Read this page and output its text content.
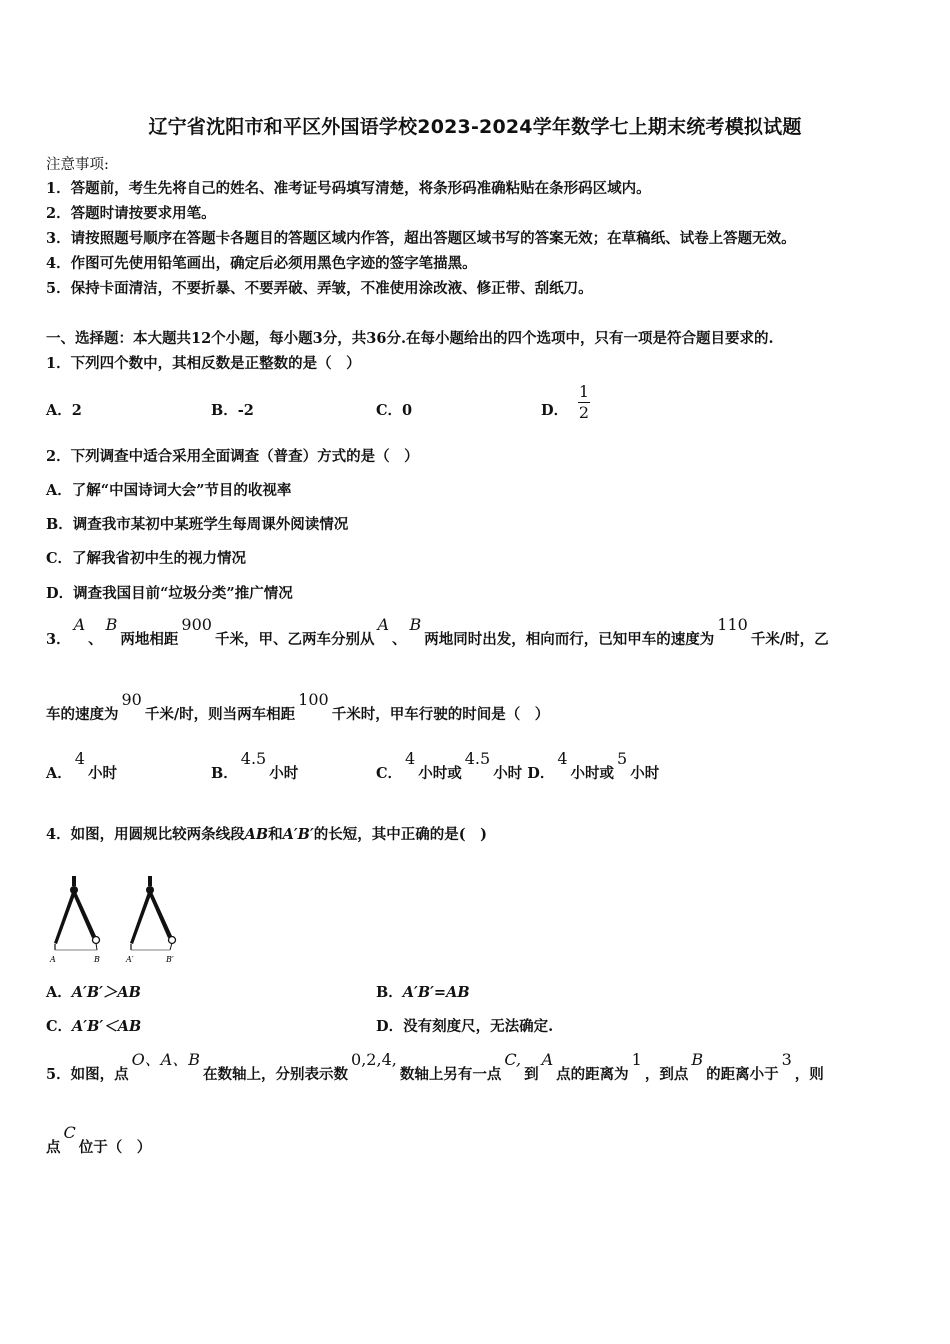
辽宁省沈阳市和平区外国语学校2023-2024学年数学七上期末统考模拟试题
注意事项:
1．答题前，考生先将自己的姓名、准考证号码填写清楚，将条形码准确粘贴在条形码区域内。
2．答题时请按要求用笔。
3．请按照题号顺序在答题卡各题目的答题区域内作答，超出答题区域书写的答案无效；在草稿纸、试卷上答题无效。
4．作图可先使用铅笔画出，确定后必须用黑色字迹的签字笔描黑。
5．保持卡面清洁，不要折暴、不要弄破、弄皱，不准使用涂改液、修正带、刮纸刀。
一、选择题：本大题共12个小题，每小题3分，共36分.在每小题给出的四个选项中，只有一项是符合题目要求的.
1．下列四个数中，其相反数是正整数的是（　）
A．2	B．-2	C．0	D．
1
2
2．下列调查中适合采用全面调查（普查）方式的是（　）
A．了解“中国诗词大会”节目的收视率
B．调查我市某初中某班学生每周课外阅读情况
C．了解我省初中生的视力情况
D．调查我国目前“垃圾分类”推广情况
3．A、B两地相距900千米，甲、乙两车分别从A、B两地同时出发，相向而行，已知甲车的速度为110千米/时，乙
车的速度为90千米/时，则当两车相距100千米时，甲车行驶的时间是（　）
A．4小时	B．4.5小时	C．4小时或4.5小时 D．4小时或5小时
4．如图，用圆规比较两条线段AB和A′B′的长短，其中正确的是(　)
A	B	A′	B′
A．A′B′＞AB	B．A′B′=AB
C．A′B′＜AB	D．没有刻度尺，无法确定.
5．如图，点O、A、B在数轴上，分别表示数0,2,4,数轴上另有一点C,到A点的距离为1，到点B的距离小于3，则
点C位于（　）
